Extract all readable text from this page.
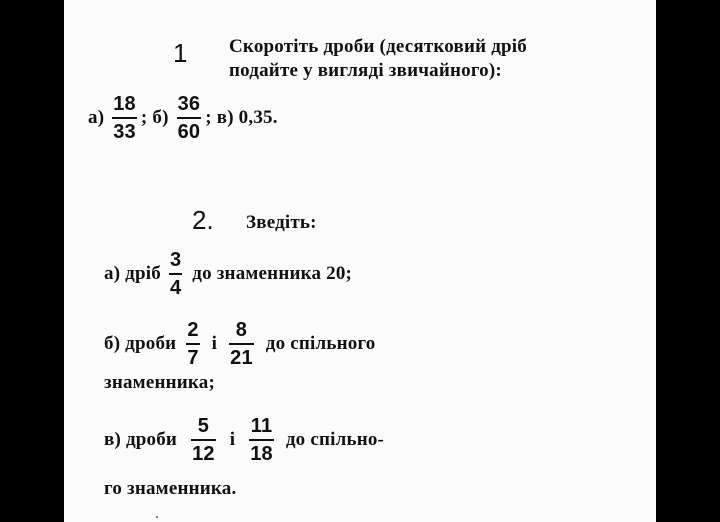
1 Скоротіть дроби (десятковий дріб
подайте у вигляді звичайного):
$а) \frac{18}{33}$ ; $б) \frac{36}{60}$ ; в) 0,35.
2. Зведіть:
а) дріб $\frac{3}{4}$ до знаменника 20;
б) дроби $\frac{2}{7}$ і $\frac{8}{21}$ до спільного
знаменника;
в) дроби $\frac{5}{12}$ і $\frac{11}{18}$ до спільно-
го знаменника.
